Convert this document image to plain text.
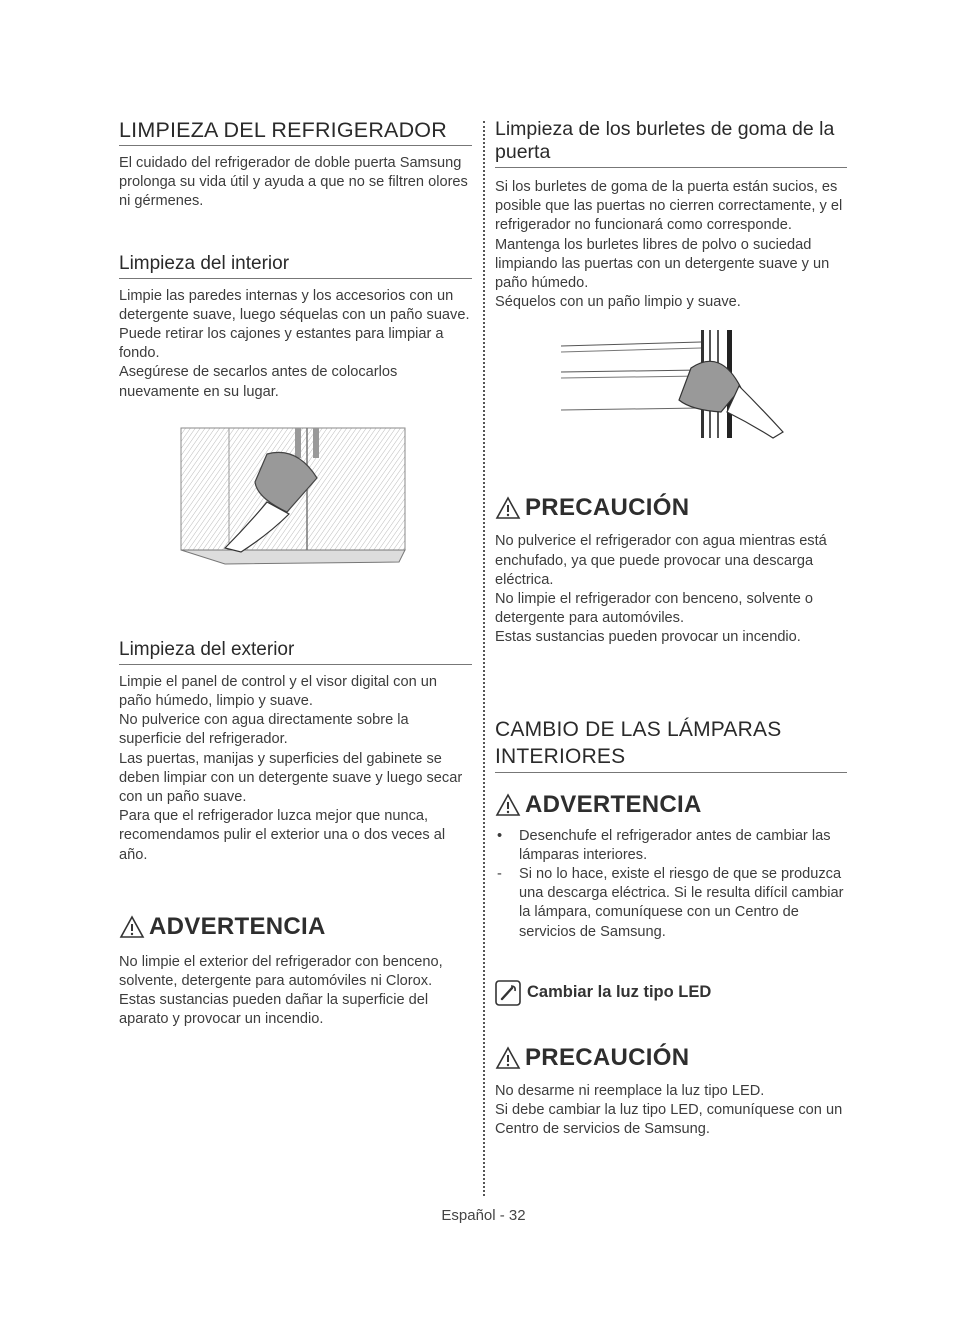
LIMPIEZA DEL REFRIGERADOR

El cuidado del refrigerador de doble puerta Samsung prolonga su vida útil y ayuda a que no se filtren olores ni gérmenes.

Limpieza del interior

Limpie las paredes internas y los accesorios con un detergente suave, luego séquelas con un paño suave.

Puede retirar los cajones y estantes para limpiar a fondo.

Asegúrese de secarlos antes de colocarlos nuevamente en su lugar.

Limpieza del exterior

Limpie el panel de control y el visor digital con un paño húmedo, limpio y suave.

No pulverice con agua directamente sobre la superficie del refrigerador.

Las puertas, manijas y superficies del gabinete se deben limpiar con un detergente suave y luego secar con un paño suave.

Para que el refrigerador luzca mejor que nunca, recomendamos pulir el exterior una o dos veces al año.

ADVERTENCIA

No limpie el exterior del refrigerador con benceno, solvente, detergente para automóviles ni Clorox.

Estas sustancias pueden dañar la superficie del aparato y provocar un incendio.

Limpieza de los burletes de goma de la puerta

Si los burletes de goma de la puerta están sucios, es posible que las puertas no cierren correctamente, y el refrigerador no funcionará como corresponde.

Mantenga los burletes libres de polvo o suciedad limpiando las puertas con un detergente suave y un paño húmedo.

Séquelos con un paño limpio y suave.

PRECAUCIÓN

No pulverice el refrigerador con agua mientras está enchufado, ya que puede provocar una descarga eléctrica.

No limpie el refrigerador con benceno, solvente o detergente para automóviles.

Estas sustancias pueden provocar un incendio.

CAMBIO DE LAS LÁMPARAS INTERIORES
ADVERTENCIA
•	Desenchufe el refrigerador antes de cambiar las lámparas interiores.
-	Si no lo hace, existe el riesgo de que se produzca una descarga eléctrica. Si le resulta difícil cambiar la lámpara, comuníquese con un Centro de servicios de Samsung.
Cambiar la luz tipo LED
PRECAUCIÓN

No desarme ni reemplace la luz tipo LED.

Si debe cambiar la luz tipo LED, comuníquese con un Centro de servicios de Samsung.

Español - 32
